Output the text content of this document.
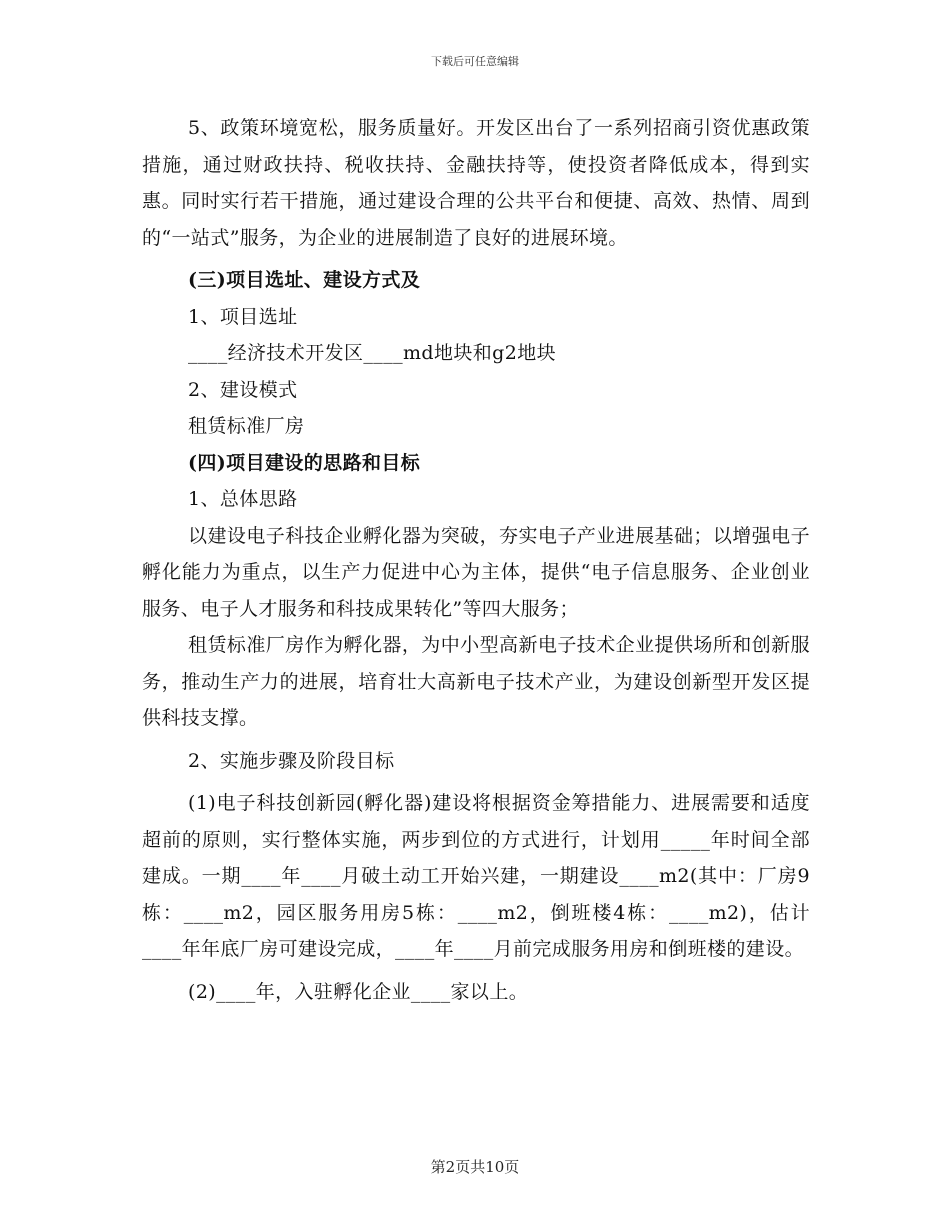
下载后可任意编辑

5、政策环境宽松，服务质量好。开发区出台了一系列招商引资优惠政策措施，通过财政扶持、税收扶持、金融扶持等，使投资者降低成本，得到实惠。同时实行若干措施，通过建设合理的公共平台和便捷、高效、热情、周到的“一站式”服务，为企业的进展制造了良好的进展环境。

(三)项目选址、建设方式及

1、项目选址

____经济技术开发区____md地块和g2地块

2、建设模式

租赁标准厂房

(四)项目建设的思路和目标

1、总体思路

以建设电子科技企业孵化器为突破，夯实电子产业进展基础；以增强电子孵化能力为重点，以生产力促进中心为主体，提供“电子信息服务、企业创业服务、电子人才服务和科技成果转化”等四大服务；

租赁标准厂房作为孵化器，为中小型高新电子技术企业提供场所和创新服务，推动生产力的进展，培育壮大高新电子技术产业，为建设创新型开发区提供科技支撑。

2、实施步骤及阶段目标

(1)电子科技创新园(孵化器)建设将根据资金筹措能力、进展需要和适度超前的原则，实行整体实施，两步到位的方式进行，计划用_____年时间全部建成。一期____年____月破土动工开始兴建，一期建设____m2(其中：厂房9栋：____m2，园区服务用房5栋：____m2，倒班楼4栋：____m2)，估计____年年底厂房可建设完成，____年____月前完成服务用房和倒班楼的建设。

(2)____年，入驻孵化企业____家以上。

第2页共10页
